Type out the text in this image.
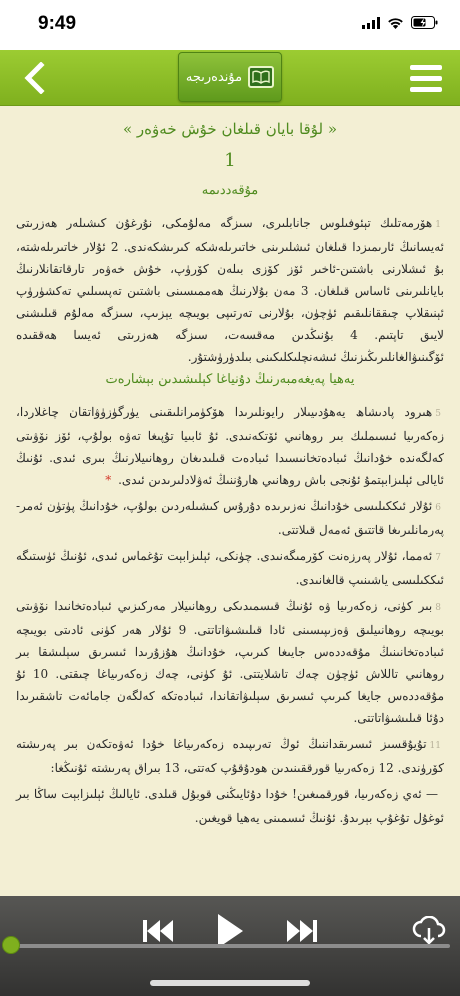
9:49
مۇندەرىجە
« لۇقا بايان قىلغان خۇش خەۋەر »
1
مۇقەددىمە

1ھۆرمەتلىك تېئوفىلوس جانابلىرى، سىزگە مەلۇمكى، نۇرغۇن كىشىلەر ھەزرىتى ئەيسانىڭ ئارىمىزدا قىلغان ئىشلىرىنى خاتىرىلەشكە كىرىشكەندى. 2 ئۇلار خاتىرىلەشتە، بۇ ئىشلارنى باشتىن-ئاخىر ئۆز كۆزى بىلەن كۆرۈپ، خۇش خەۋەر تارقاتقانلارنىڭ بايانلىرىنى ئاساس قىلغان. 3 مەن بۇلارنىڭ ھەممىسىنى باشتىن تەپسىلىي تەكشۈرۈپ ئېنىقلاپ چىققانلىقىم ئۈچۈن، بۇلارنى تەرتىپى بويىچە يېزىپ، سىزگە مەلۇم قىلىشنى لايىق تاپتىم. 4 بۇنىڭدىن مەقسەت، سىزگە ھەزرىتى ئەيسا ھەققىدە ئۆگىنىۋالغانلىرىڭىزنىڭ ئىشەنچلىكلىكىنى بىلدۈرۈشتۇر.

يەھيا پەيغەمبەرنىڭ دۇنياغا كېلىشىدىن بېشارەت

5ھىرود پادىشاھ يەھۇدىيىلار رايونلىرىدا ھۆكۈمرانلىقىنى يۈرگۈزۈۋاتقان چاغلاردا، زەكەرىيا ئىسىملىك بىر روھانىي ئۆتكەنىدى. ئۇ ئابىيا تۇپىغا تەۋە بولۇپ، ئۆز نۆۋىتى كەلگەندە خۇدانىڭ ئىبادەتخانىسىدا ئىبادەت قىلىدىغان روھانىيلارنىڭ بىرى ئىدى. ئۇنىڭ ئايالى ئېلىزابېتمۇ ئۇنجى باش روھانىي ھارۇننىڭ ئەۋلادلىرىدىن ئىدى. *

6ئۇلار ئىككىلىسى خۇدانىڭ نەزىرىدە دۇرۇس كىشىلەردىن بولۇپ، خۇدانىڭ پۈتۈن ئەمر-پەرمانلىرىغا قاتتىق ئەمەل قىلاتتى.

7ئەمما، ئۇلار پەرزەنت كۆرمىگەنىدى. چۈنكى، ئېلىزابېت تۇغماس ئىدى، ئۇنىڭ ئۈستىگە ئىككىلىسى ياشىنىپ قالغانىدى.

8بىر كۈنى، زەكەرىيا ۋە ئۇنىڭ قىسمىدىكى روھانىيلار مەركىزىي ئىبادەتخانىدا نۆۋىتى بويىچە روھانىيلىق ۋەزىپىسىنى ئادا قىلىشىۋاتاتتى. 9 ئۇلار ھەر كۈنى ئادىتى بويىچە ئىبادەتخانىنىڭ مۇقەددەس جايىغا كىرىپ، خۇدانىڭ ھۇزۇرىدا ئىسرىق سېلىشقا بىر روھانىي تاللاش ئۈچۈن چەك تاشلايتتى. ئۇ كۈنى، چەك زەكەرىياغا چىقتى. 10 ئۇ مۇقەددەس جايغا كىرىپ ئىسرىق سېلىۋاتقاندا، ئىبادەتكە كەلگەن جامائەت تاشقىرىدا دۇئا قىلىشىۋاتاتتى.

11تۇيۇقسىز ئىسرىقداننىڭ ئوڭ تەرىپىدە زەكەرىياغا خۇدا ئەۋەتكەن بىر پەرىشتە كۆرۈندى. 12 زەكەرىيا قورققىنىدىن ھودۇقۇپ كەتتى، 13 بىراق پەرىشتە ئۇنىڭغا:

— ئەي زەكەرىيا، قورقمىغىن! خۇدا دۇئايىڭنى قوبۇل قىلدى. ئايالىڭ ئېلىزابېت ساڭا بىر ئوغۇل تۇغۇپ بېرىدۇ. ئۇنىڭ ئىسمىنى يەھيا قويغىن.
